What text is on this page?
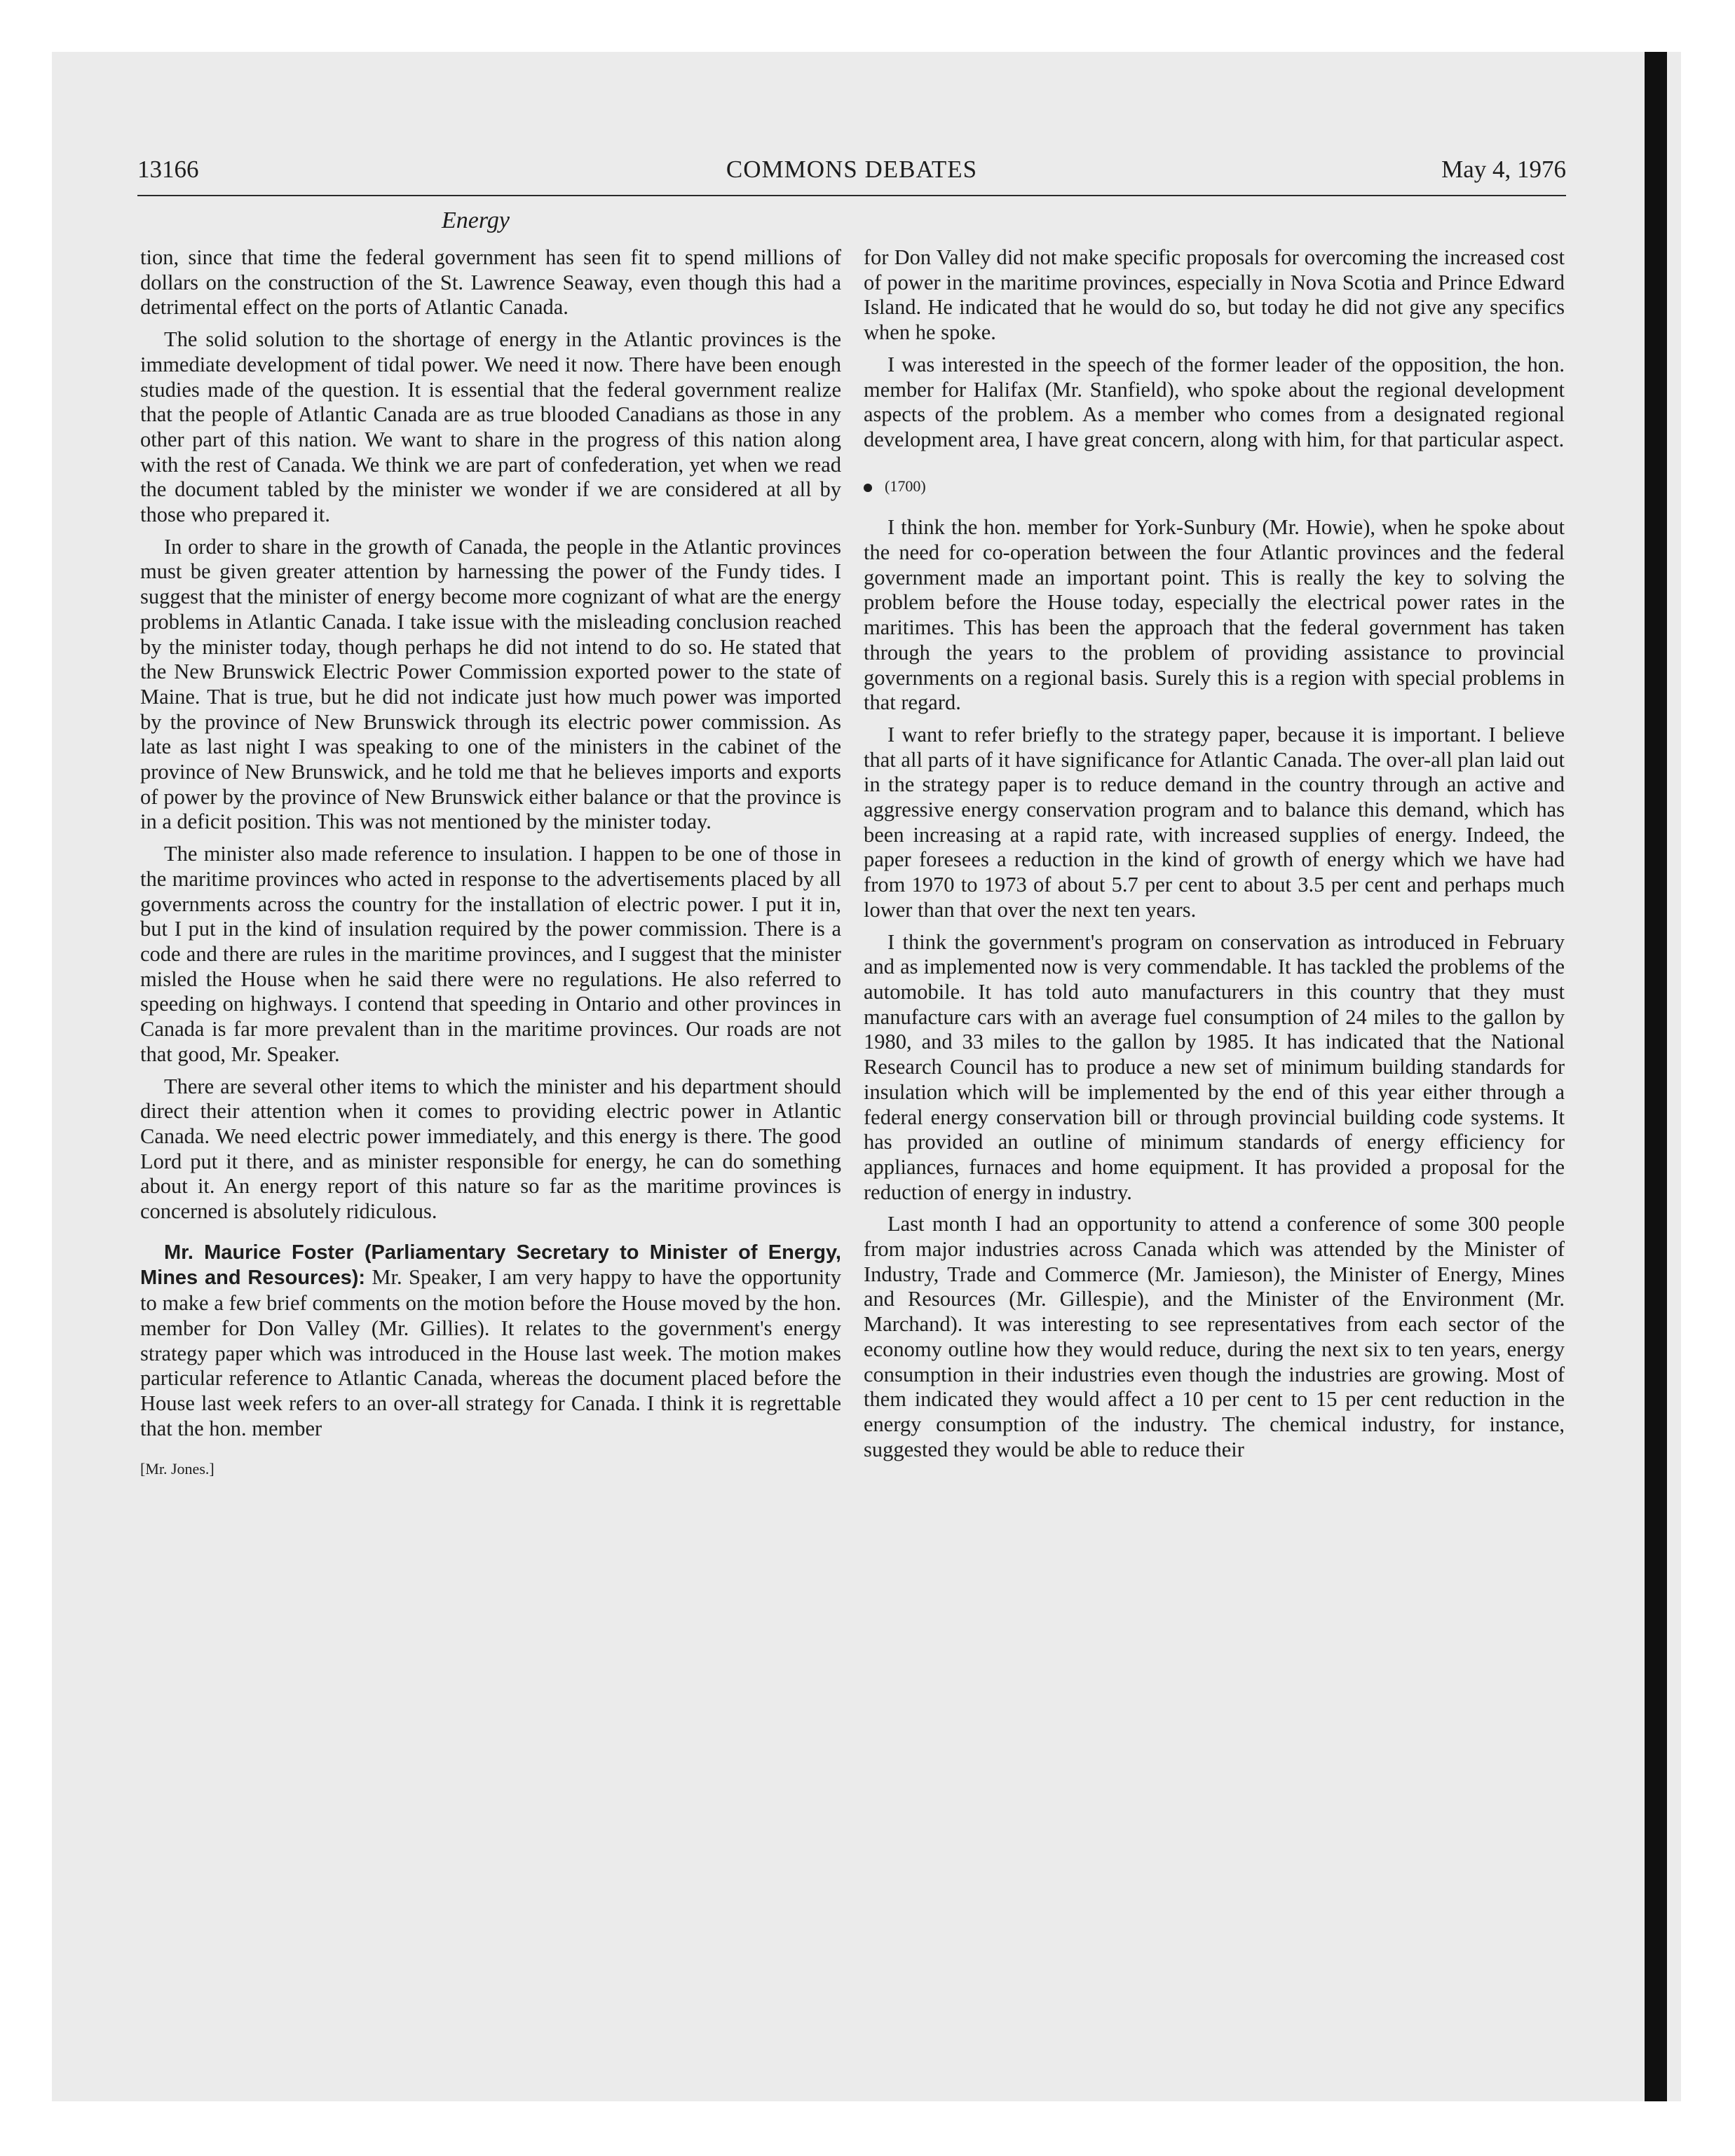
13166	COMMONS DEBATES	May 4, 1976
Energy

tion, since that time the federal government has seen fit to spend millions of dollars on the construction of the St. Lawrence Seaway, even though this had a detrimental effect on the ports of Atlantic Canada.

The solid solution to the shortage of energy in the Atlantic provinces is the immediate development of tidal power. We need it now. There have been enough studies made of the question. It is essential that the federal government realize that the people of Atlantic Canada are as true blooded Canadians as those in any other part of this nation. We want to share in the progress of this nation along with the rest of Canada. We think we are part of confederation, yet when we read the document tabled by the minister we wonder if we are considered at all by those who prepared it.

In order to share in the growth of Canada, the people in the Atlantic provinces must be given greater attention by harnessing the power of the Fundy tides. I suggest that the minister of energy become more cognizant of what are the energy problems in Atlantic Canada. I take issue with the misleading conclusion reached by the minister today, though perhaps he did not intend to do so. He stated that the New Brunswick Electric Power Commission exported power to the state of Maine. That is true, but he did not indicate just how much power was imported by the province of New Brunswick through its electric power commission. As late as last night I was speaking to one of the ministers in the cabinet of the province of New Brunswick, and he told me that he believes imports and exports of power by the province of New Brunswick either balance or that the province is in a deficit position. This was not mentioned by the minister today.

The minister also made reference to insulation. I happen to be one of those in the maritime provinces who acted in response to the advertisements placed by all governments across the country for the installation of electric power. I put it in, but I put in the kind of insulation required by the power commission. There is a code and there are rules in the maritime provinces, and I suggest that the minister misled the House when he said there were no regulations. He also referred to speeding on highways. I contend that speeding in Ontario and other provinces in Canada is far more prevalent than in the maritime provinces. Our roads are not that good, Mr. Speaker.

There are several other items to which the minister and his department should direct their attention when it comes to providing electric power in Atlantic Canada. We need electric power immediately, and this energy is there. The good Lord put it there, and as minister responsible for energy, he can do something about it. An energy report of this nature so far as the maritime provinces is concerned is absolutely ridiculous.

Mr. Maurice Foster (Parliamentary Secretary to Minister of Energy, Mines and Resources): Mr. Speaker, I am very happy to have the opportunity to make a few brief comments on the motion before the House moved by the hon. member for Don Valley (Mr. Gillies). It relates to the government's energy strategy paper which was introduced in the House last week. The motion makes particular reference to Atlantic Canada, whereas the document placed before the House last week refers to an over-all strategy for Canada. I think it is regrettable that the hon. member

[Mr. Jones.]

for Don Valley did not make specific proposals for overcoming the increased cost of power in the maritime provinces, especially in Nova Scotia and Prince Edward Island. He indicated that he would do so, but today he did not give any specifics when he spoke.

I was interested in the speech of the former leader of the opposition, the hon. member for Halifax (Mr. Stanfield), who spoke about the regional development aspects of the problem. As a member who comes from a designated regional development area, I have great concern, along with him, for that particular aspect.

(1700)

I think the hon. member for York-Sunbury (Mr. Howie), when he spoke about the need for co-operation between the four Atlantic provinces and the federal government made an important point. This is really the key to solving the problem before the House today, especially the electrical power rates in the maritimes. This has been the approach that the federal government has taken through the years to the problem of providing assistance to provincial governments on a regional basis. Surely this is a region with special problems in that regard.

I want to refer briefly to the strategy paper, because it is important. I believe that all parts of it have significance for Atlantic Canada. The over-all plan laid out in the strategy paper is to reduce demand in the country through an active and aggressive energy conservation program and to balance this demand, which has been increasing at a rapid rate, with increased supplies of energy. Indeed, the paper foresees a reduction in the kind of growth of energy which we have had from 1970 to 1973 of about 5.7 per cent to about 3.5 per cent and perhaps much lower than that over the next ten years.

I think the government's program on conservation as introduced in February and as implemented now is very commendable. It has tackled the problems of the automobile. It has told auto manufacturers in this country that they must manufacture cars with an average fuel consumption of 24 miles to the gallon by 1980, and 33 miles to the gallon by 1985. It has indicated that the National Research Council has to produce a new set of minimum building standards for insulation which will be implemented by the end of this year either through a federal energy conservation bill or through provincial building code systems. It has provided an outline of minimum standards of energy efficiency for appliances, furnaces and home equipment. It has provided a proposal for the reduction of energy in industry.

Last month I had an opportunity to attend a conference of some 300 people from major industries across Canada which was attended by the Minister of Industry, Trade and Commerce (Mr. Jamieson), the Minister of Energy, Mines and Resources (Mr. Gillespie), and the Minister of the Environment (Mr. Marchand). It was interesting to see representatives from each sector of the economy outline how they would reduce, during the next six to ten years, energy consumption in their industries even though the industries are growing. Most of them indicated they would affect a 10 per cent to 15 per cent reduction in the energy consumption of the industry. The chemical industry, for instance, suggested they would be able to reduce their
